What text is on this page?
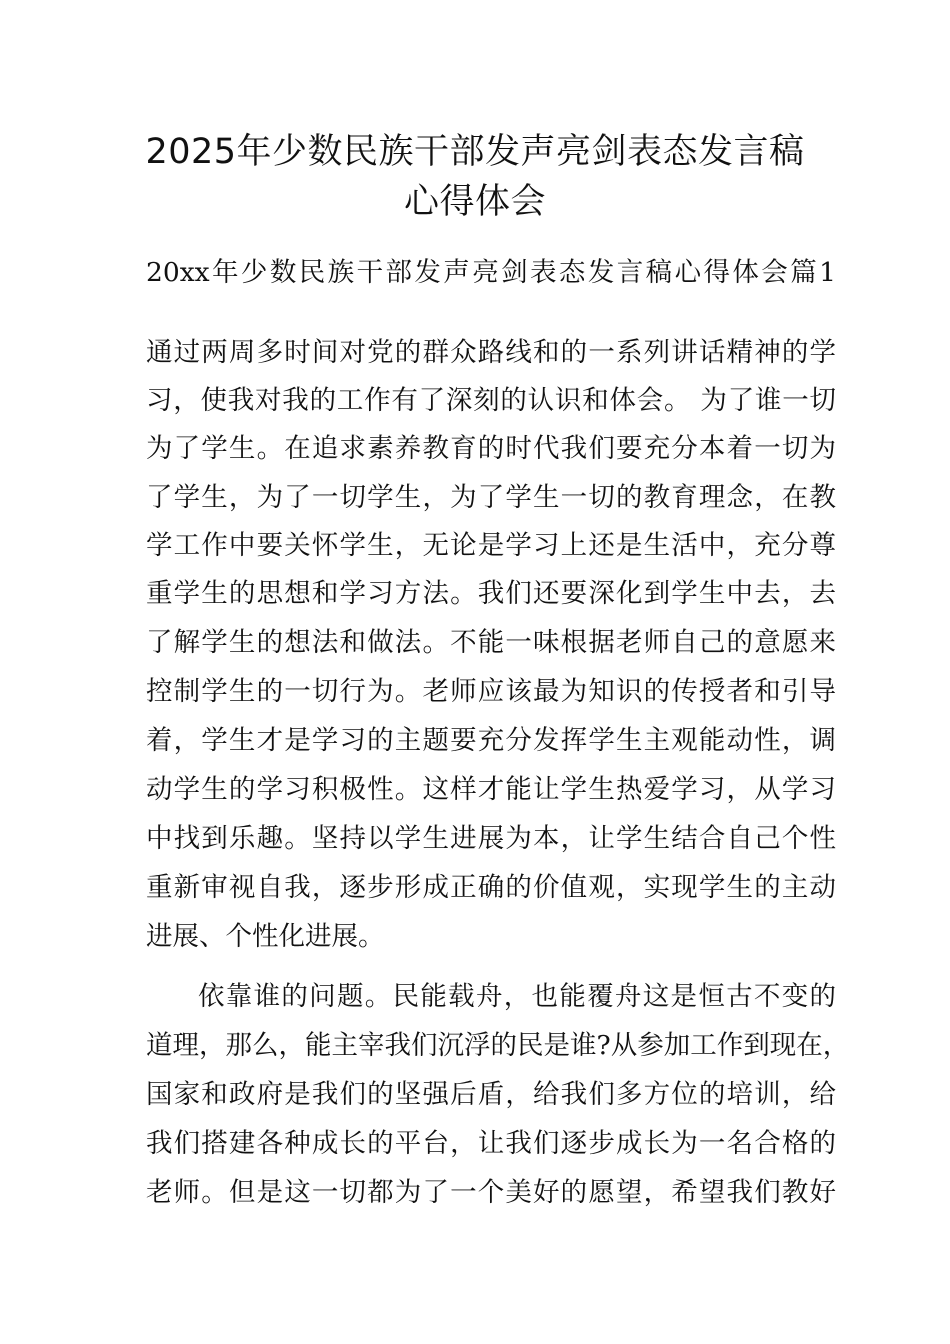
2025年少数民族干部发声亮剑表态发言稿
心得体会

20xx年少数民族干部发声亮剑表态发言稿心得体会篇1

通过两周多时间对党的群众路线和的一系列讲话精神的学

习，使我对我的工作有了深刻的认识和体会。 为了谁一切

为了学生。在追求素养教育的时代我们要充分本着一切为

了学生，为了一切学生，为了学生一切的教育理念，在教

学工作中要关怀学生，无论是学习上还是生活中，充分尊

重学生的思想和学习方法。我们还要深化到学生中去，去

了解学生的想法和做法。不能一味根据老师自己的意愿来

控制学生的一切行为。老师应该最为知识的传授者和引导

着，学生才是学习的主题要充分发挥学生主观能动性，调

动学生的学习积极性。这样才能让学生热爱学习，从学习

中找到乐趣。坚持以学生进展为本，让学生结合自己个性

重新审视自我，逐步形成正确的价值观，实现学生的主动

进展、个性化进展。

依靠谁的问题。民能载舟，也能覆舟这是恒古不变的

道理，那么，能主宰我们沉浮的民是谁?从参加工作到现在，

国家和政府是我们的坚强后盾，给我们多方位的培训，给

我们搭建各种成长的平台，让我们逐步成长为一名合格的

老师。但是这一切都为了一个美好的愿望，希望我们教好
